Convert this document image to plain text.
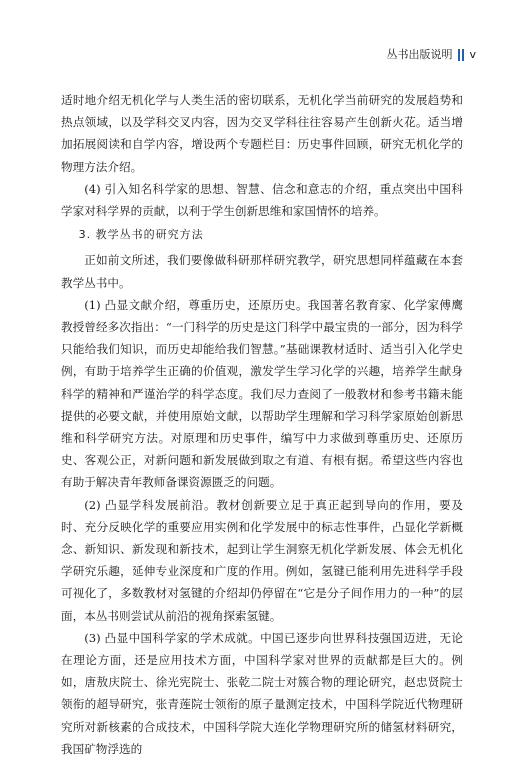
丛书出版说明 v

适时地介绍无机化学与人类生活的密切联系，无机化学当前研究的发展趋势和热点领域，以及学科交叉内容，因为交叉学科往往容易产生创新火花。适当增加拓展阅读和自学内容，增设两个专题栏目：历史事件回顾，研究无机化学的物理方法介绍。

(4) 引入知名科学家的思想、智慧、信念和意志的介绍，重点突出中国科学家对科学界的贡献，以利于学生创新思维和家国情怀的培养。

3. 教学丛书的研究方法

正如前文所述，我们要像做科研那样研究教学，研究思想同样蕴藏在本套教学丛书中。

(1) 凸显文献介绍，尊重历史，还原历史。我国著名教育家、化学家傅鹰教授曾经多次指出：“一门科学的历史是这门科学中最宝贵的一部分，因为科学只能给我们知识，而历史却能给我们智慧。”基础课教材适时、适当引入化学史例，有助于培养学生正确的价值观，激发学生学习化学的兴趣，培养学生献身科学的精神和严谨治学的科学态度。我们尽力查阅了一般教材和参考书籍未能提供的必要文献，并使用原始文献，以帮助学生理解和学习科学家原始创新思维和科学研究方法。对原理和历史事件，编写中力求做到尊重历史、还原历史、客观公正，对新问题和新发展做到取之有道、有根有据。希望这些内容也有助于解决青年教师备课资源匮乏的问题。

(2) 凸显学科发展前沿。教材创新要立足于真正起到导向的作用，要及时、充分反映化学的重要应用实例和化学发展中的标志性事件，凸显化学新概念、新知识、新发现和新技术，起到让学生洞察无机化学新发展、体会无机化学研究乐趣，延伸专业深度和广度的作用。例如，氢键已能利用先进科学手段可视化了，多数教材对氢键的介绍却仍停留在“它是分子间作用力的一种”的层面，本丛书则尝试从前沿的视角探索氢键。

(3) 凸显中国科学家的学术成就。中国已逐步向世界科技强国迈进，无论在理论方面，还是应用技术方面，中国科学家对世界的贡献都是巨大的。例如，唐敖庆院士、徐光宪院士、张乾二院士对簇合物的理论研究，赵忠贤院士领衔的超导研究，张青莲院士领衔的原子量测定技术，中国科学院近代物理研究所对新核素的合成技术，中国科学院大连化学物理研究所的储氢材料研究，我国矿物浮选的
